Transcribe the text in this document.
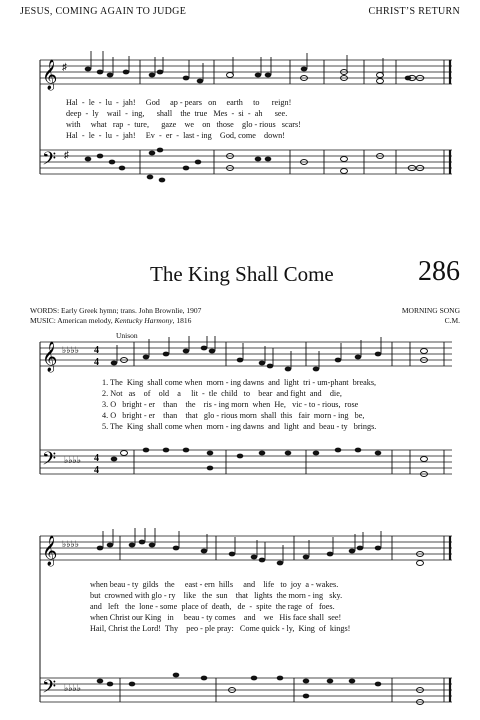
JESUS, COMING AGAIN TO JUDGE	CHRIST’S RETURN
𝄞 ♯
𝄢 ♯
Hal  -  le  -  lu  -  jah!     God     ap - pears   on     earth     to      reign!
deep  -  ly    wail  -  ing,      shall    the  true   Mes  -  si  -  ah      see.
with     what   rap  -  ture,      gaze    we    on   those    glo - rious   scars!
Hal  -  le  -  lu  -  jah!     Ev  -  er  -  last - ing    God, come    down!
The King Shall Come	286
WORDS: Early Greek hymn; trans. John Brownlie, 1907
MUSIC: American melody, Kentucky Harmony, 1816
MORNING SONG
C.M.
Unison
𝄞 ♭♭♭♭ 4
4
𝄢 ♭♭♭♭ 4
4
1. The  King  shall come when  morn - ing dawns  and  light  tri - um-phant  breaks,
2. Not   as    of    old    a     lit  -  tle  child   to    bear  and fight  and    die,
3. O   bright - er    than    the    ris - ing morn  when  He,   vic - to - rious,  rose
4. O   bright - er    than    that   glo - rious morn  shall  this   fair  morn - ing   be,
5. The  King  shall come when  morn - ing dawns  and  light  and  beau - ty   brings.
𝄞 ♭♭♭♭
𝄢 ♭♭♭♭
when beau - ty  gilds   the     east - ern  hills     and    life   to  joy  a - wakes.
but  crowned with glo - ry    like   the  sun    that   lights  the morn - ing   sky.
and   left   the  lone - some  place of  death,   de  -  spite  the rage  of   foes.
when Christ our King   in     beau - ty comes    and    we   His face shall  see!
Hail, Christ the Lord!  Thy    peo - ple pray:   Come quick - ly,  King  of  kings!
